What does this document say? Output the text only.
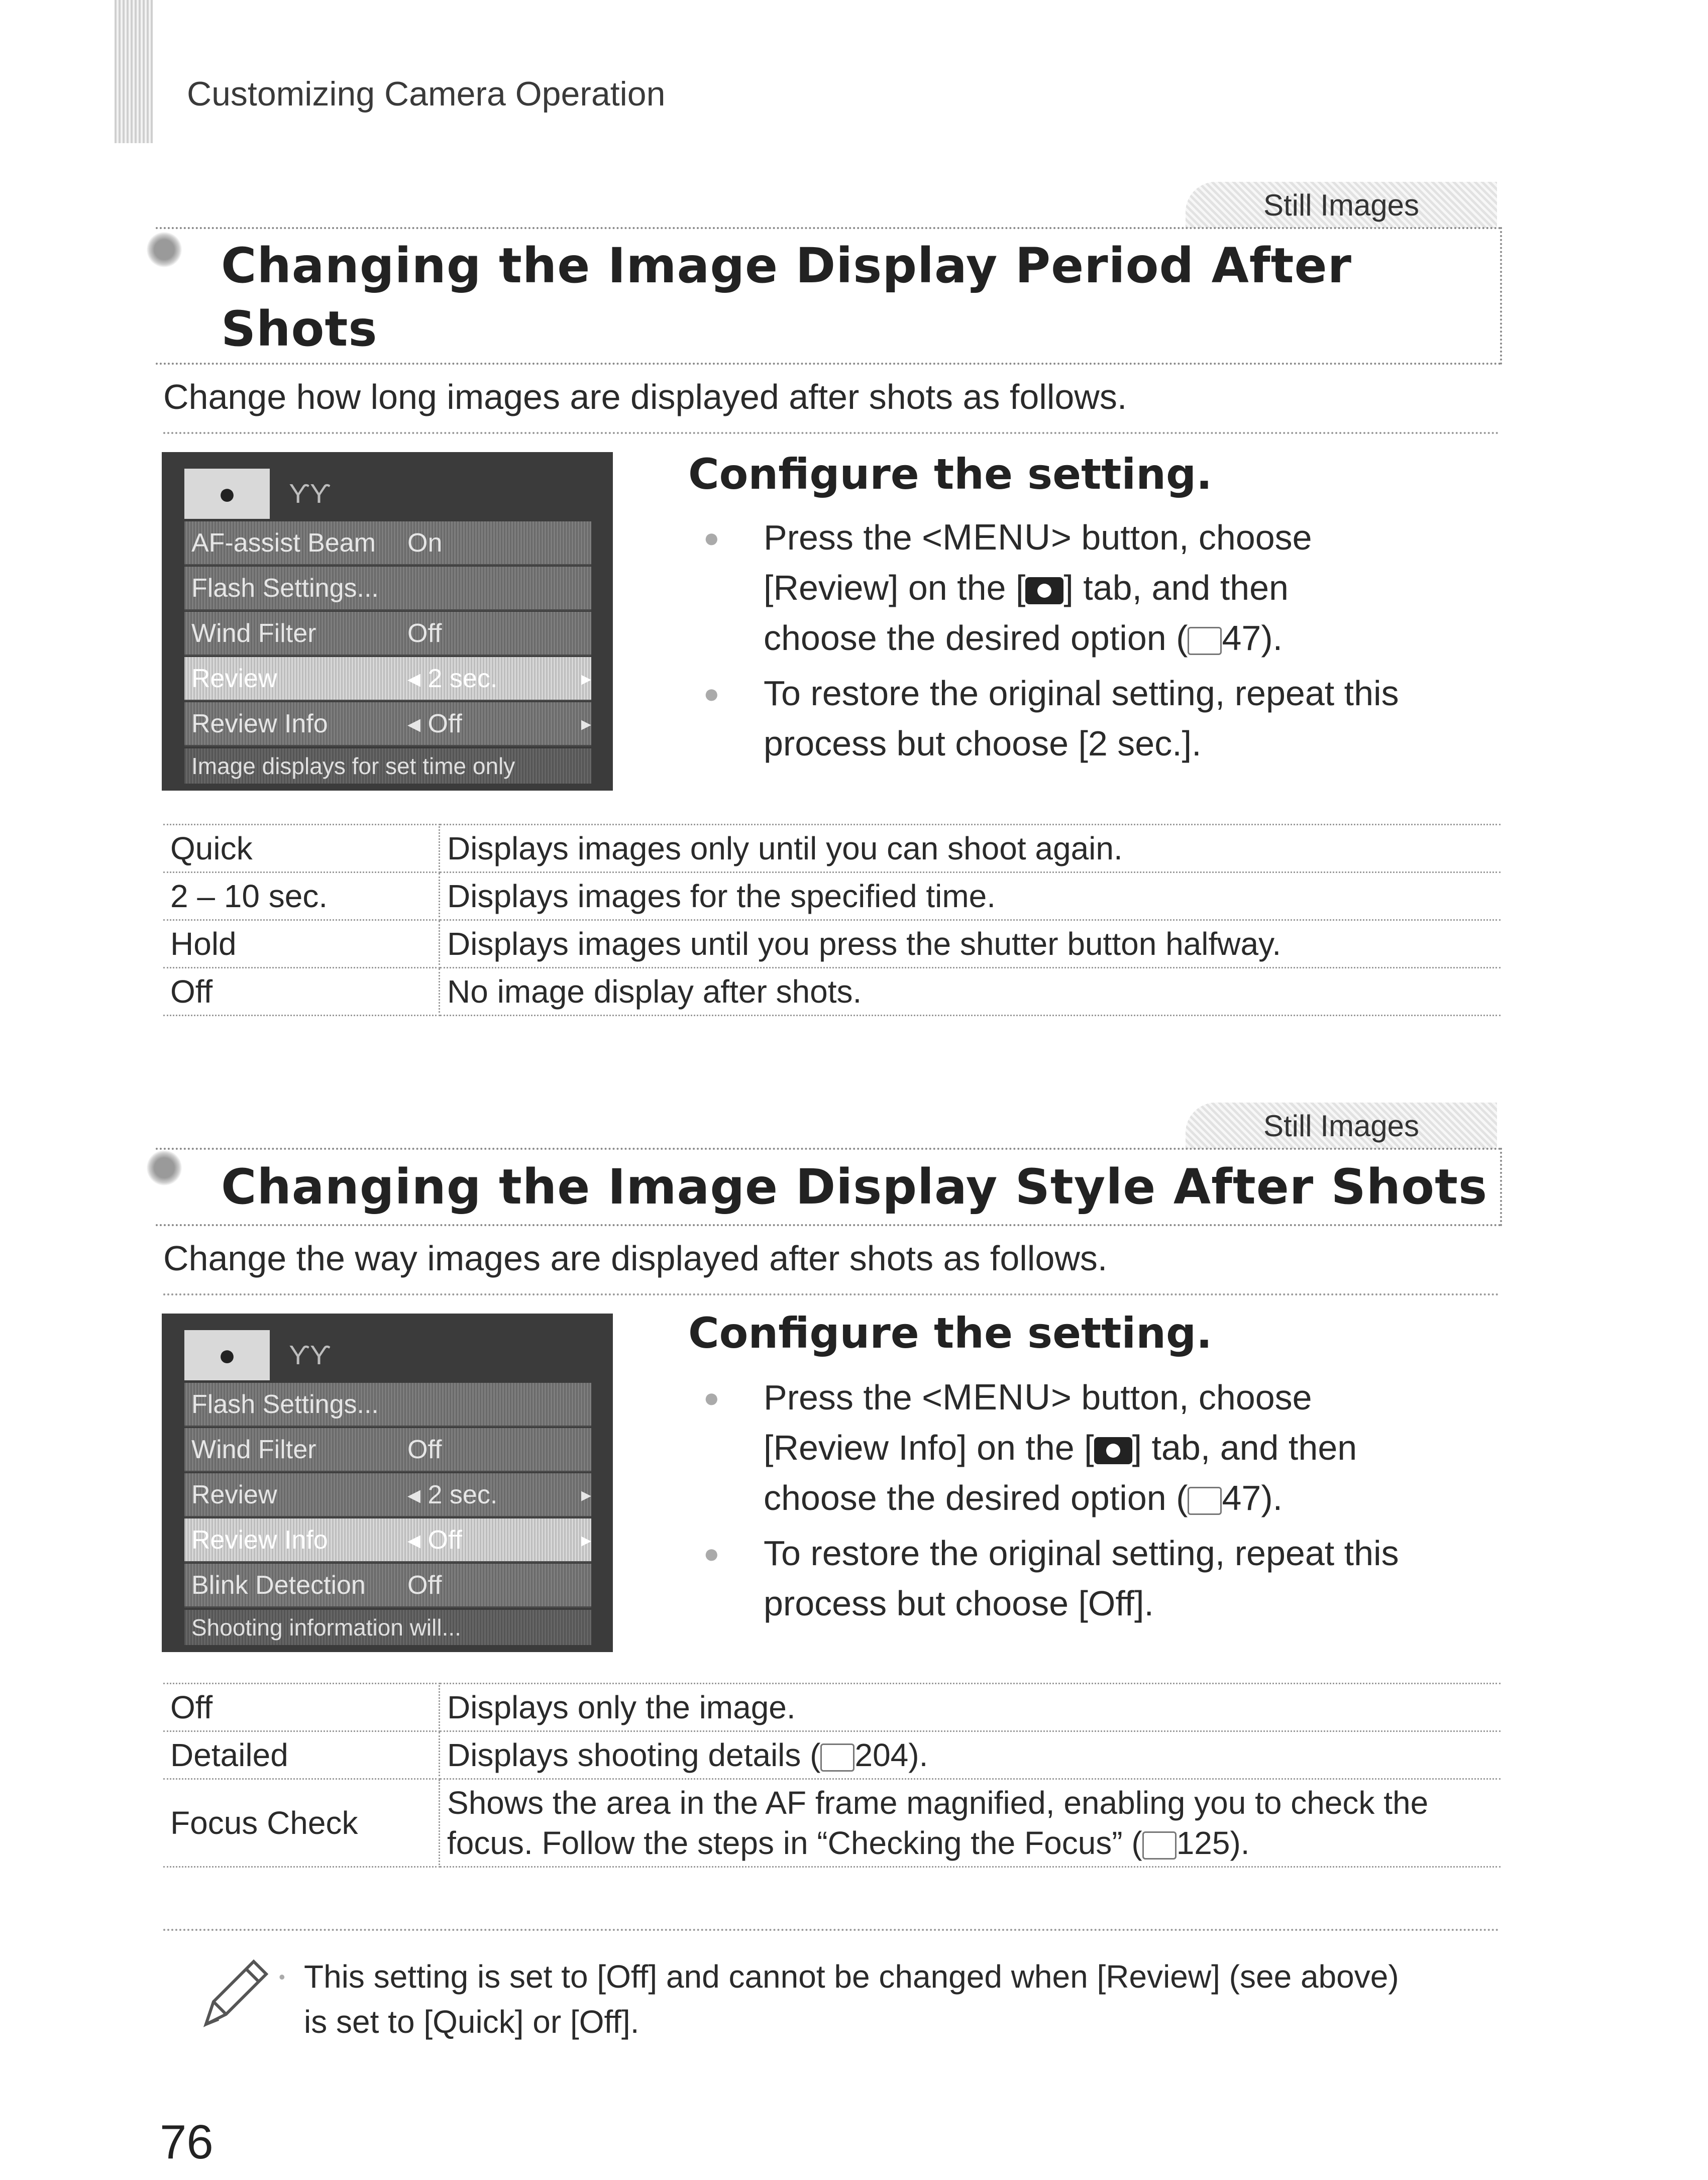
Customizing Camera Operation
Still Images
Changing the Image Display Period After
Shots
Change how long images are displayed after shots as follows.
●	ƳƳ
AF-assist Beam	On
Flash Settings...
Wind Filter	Off
Review	◂ 2 sec.	▸
Review Info	◂ Off	▸
Image displays for set time only
Configure the setting.
● Press the <MENU> button, choose
[Review] on the [ ] tab, and then
choose the desired option ( 47).
● To restore the original setting, repeat this
process but choose [2 sec.].
Quick	Displays images only until you can shoot again.
2 – 10 sec.	Displays images for the specified time.
Hold	Displays images until you press the shutter button halfway.
Off	No image display after shots.
Still Images
Changing the Image Display Style After Shots
Change the way images are displayed after shots as follows.
●	ƳƳ
Flash Settings...
Wind Filter	Off
Review	◂ 2 sec.	▸
Review Info	◂ Off	▸
Blink Detection	Off
Shooting information will...
Configure the setting.
● Press the <MENU> button, choose
[Review Info] on the [ ] tab, and then
choose the desired option ( 47).
● To restore the original setting, repeat this
process but choose [Off].
Off	Displays only the image.
Detailed	Displays shooting details ( 204).
Focus Check	Shows the area in the AF frame magnified, enabling you to check the
focus. Follow the steps in “Checking the Focus” ( 125).
• This setting is set to [Off] and cannot be changed when [Review] (see above)
is set to [Quick] or [Off].
76
